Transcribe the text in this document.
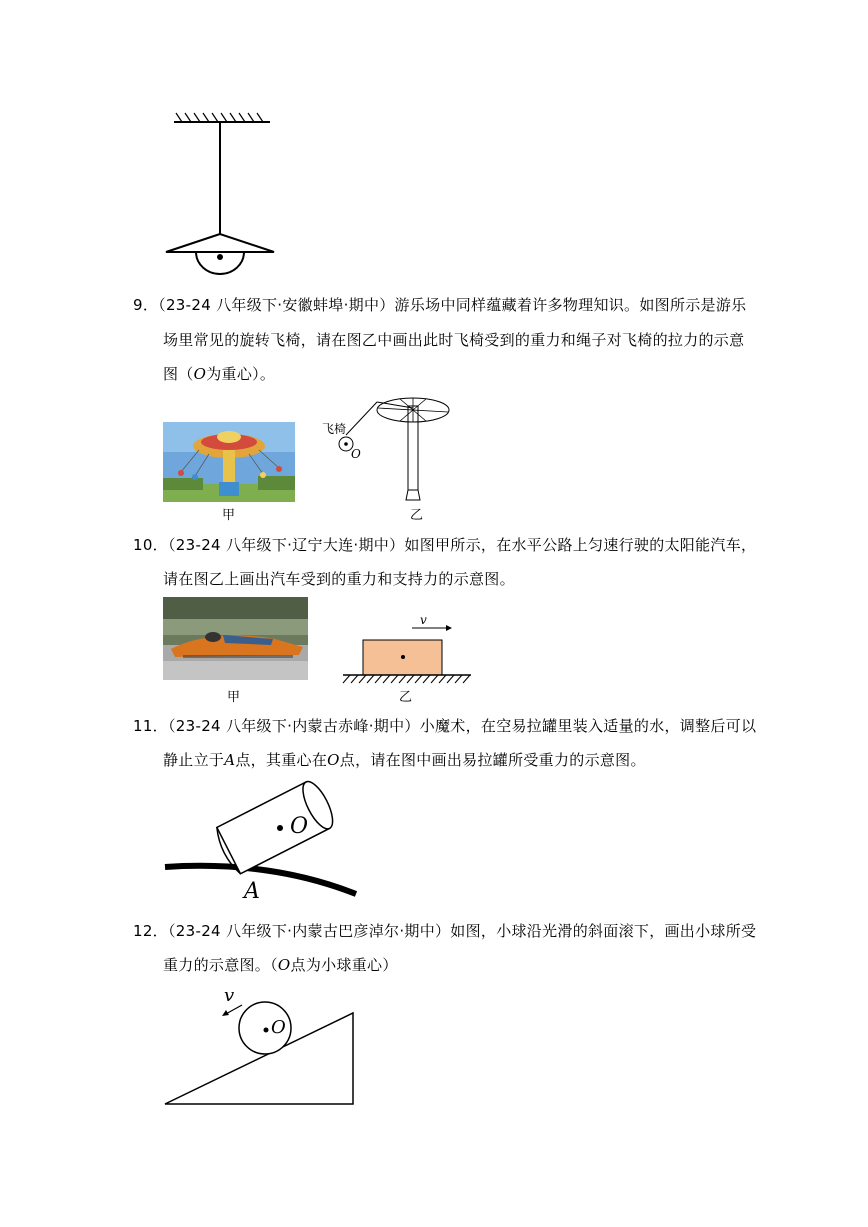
9．（23-24 八年级下·安徽蚌埠·期中）游乐场中同样蕴藏着许多物理知识。如图所示是游乐
场里常见的旋转飞椅，请在图乙中画出此时飞椅受到的重力和绳子对飞椅的拉力的示意
图（O为重心）。
甲
飞椅
O
乙
10．（23-24 八年级下·辽宁大连·期中）如图甲所示，在水平公路上匀速行驶的太阳能汽车，
请在图乙上画出汽车受到的重力和支持力的示意图。
甲
v
乙
11．（23-24 八年级下·内蒙古赤峰·期中）小魔术，在空易拉罐里装入适量的水，调整后可以
静止立于A点，其重心在O点，请在图中画出易拉罐所受重力的示意图。
O
A
12．（23-24 八年级下·内蒙古巴彦淖尔·期中）如图，小球沿光滑的斜面滚下，画出小球所受
重力的示意图。（O点为小球重心）
v
O
